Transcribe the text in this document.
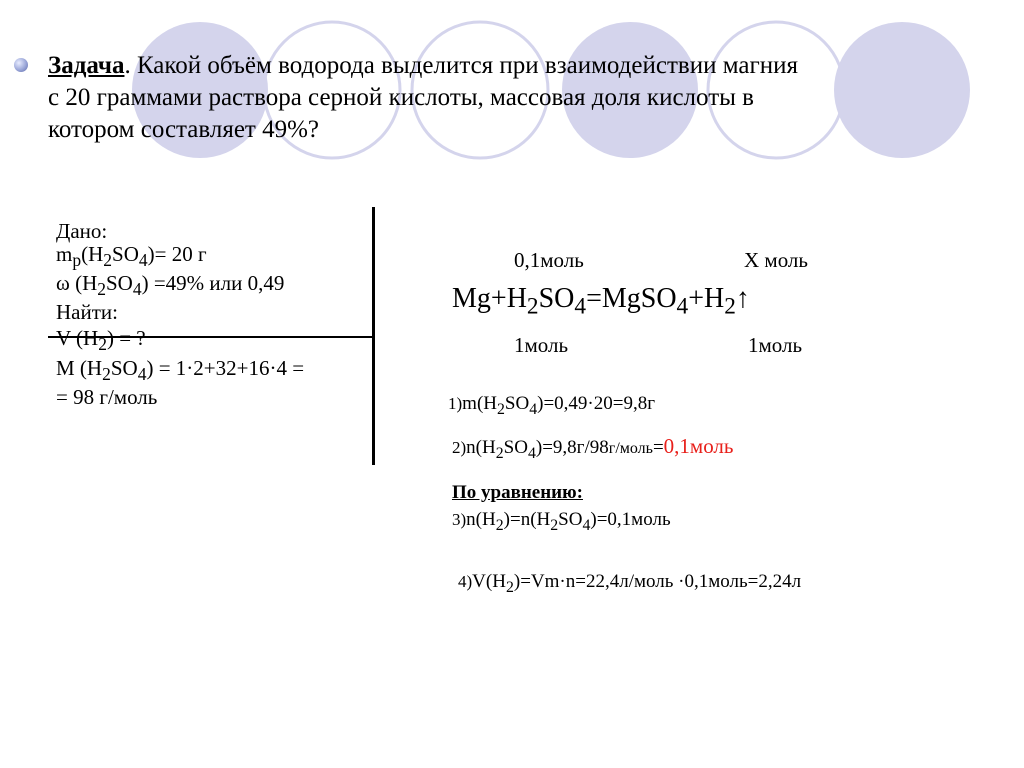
Задача. Какой объём водорода выделится при взаимодействии магния
с 20 граммами раствора серной кислоты, массовая доля кислоты в
котором составляет 49%?
Дано:
$m_р(H_2SO_4)= 20$ г
ω $(H_2SO_4) =49\%$ или 0,49
Найти:
V $(H_2)$ = ?
M $(H_2SO_4) = 1\cdot 2+32+16\cdot 4$ =
= 98 г/моль
0,1моль	Х моль
$Mg+H_2SO_4=MgSO_4+H_2↑$
1моль	1моль
$1)m(H_2SO_4)=0,49\cdot 20=9,8г$
$2)n(H_2SO_4)=9,8г/98г/моль=0,1моль$
По уравнению:
$3)n(H_2)=n(H_2SO_4)=0,1моль$
$4)V(H_2)=Vm\cdot n=22,4л$/моль ·0,1моль=2,24л
